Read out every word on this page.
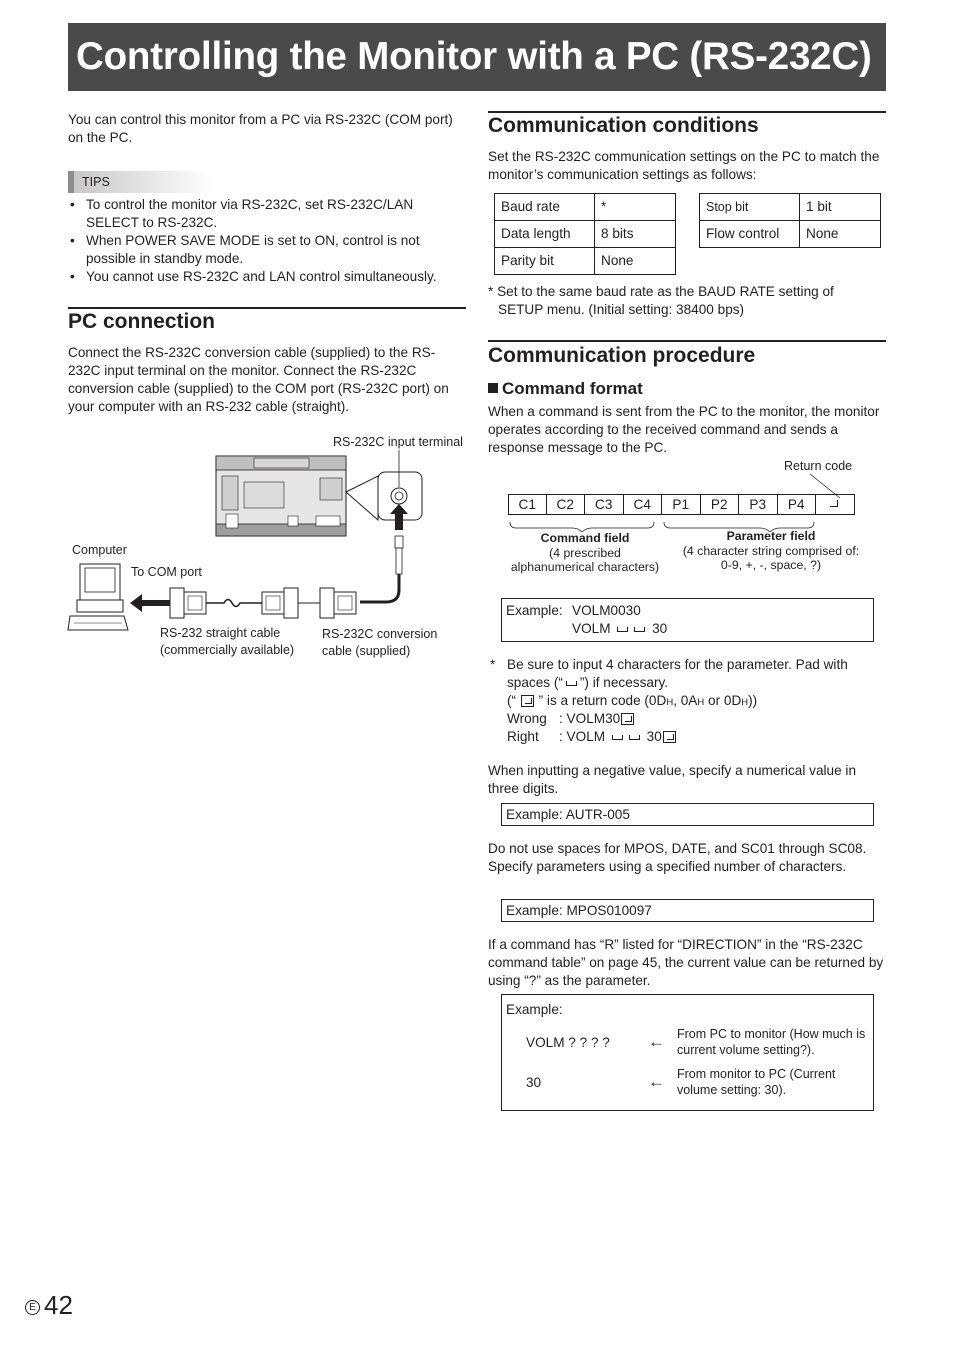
Controlling the Monitor with a PC (RS-232C)
You can control this monitor from a PC via RS-232C (COM port) on the PC.
TIPS
• To control the monitor via RS-232C, set RS-232C/LAN SELECT to RS-232C.
• When POWER SAVE MODE is set to ON, control is not possible in standby mode.
• You cannot use RS-232C and LAN control simultaneously.
PC connection
Connect the RS-232C conversion cable (supplied) to the RS-232C input terminal on the monitor. Connect the RS-232C conversion cable (supplied) to the COM port (RS-232C port) on your computer with an RS-232 cable (straight).
RS-232C input terminal
Computer
To COM port
RS-232 straight cable
(commercially available)
RS-232C conversion
cable (supplied)
Communication conditions
Set the RS-232C communication settings on the PC to match the monitor’s communication settings as follows:
Baud rate	*
Data length	8 bits
Parity bit	None
Stop bit	1 bit
Flow control	None
* Set to the same baud rate as the BAUD RATE setting of SETUP menu. (Initial setting: 38400 bps)
Communication procedure
Command format
When a command is sent from the PC to the monitor, the monitor operates according to the received command and sends a response message to the PC.
Return code
C1	C2	C3	C4	P1	P2	P3	P4
Command field
(4 prescribed
alphanumerical characters)
Parameter field
(4 character string comprised of:
0-9, +, -, space, ?)
Example: VOLM0030
VOLM	30
* Be sure to input 4 characters for the parameter. Pad with
spaces (“ ”) if necessary.
(“ ” is a return code (0DH, 0AH or 0DH))
Wrong : VOLM30
Right : VOLM	30
When inputting a negative value, specify a numerical value in three digits.
Example: AUTR-005
Do not use spaces for MPOS, DATE, and SC01 through SC08. Specify parameters using a specified number of characters.
Example: MPOS010097
If a command has “R” listed for “DIRECTION” in the “RS-232C command table” on page 45, the current value can be returned by using “?” as the parameter.
Example:
VOLM ? ? ? ? ← From PC to monitor (How much is current volume setting?).
30	← From monitor to PC (Current volume setting: 30).
E 42
